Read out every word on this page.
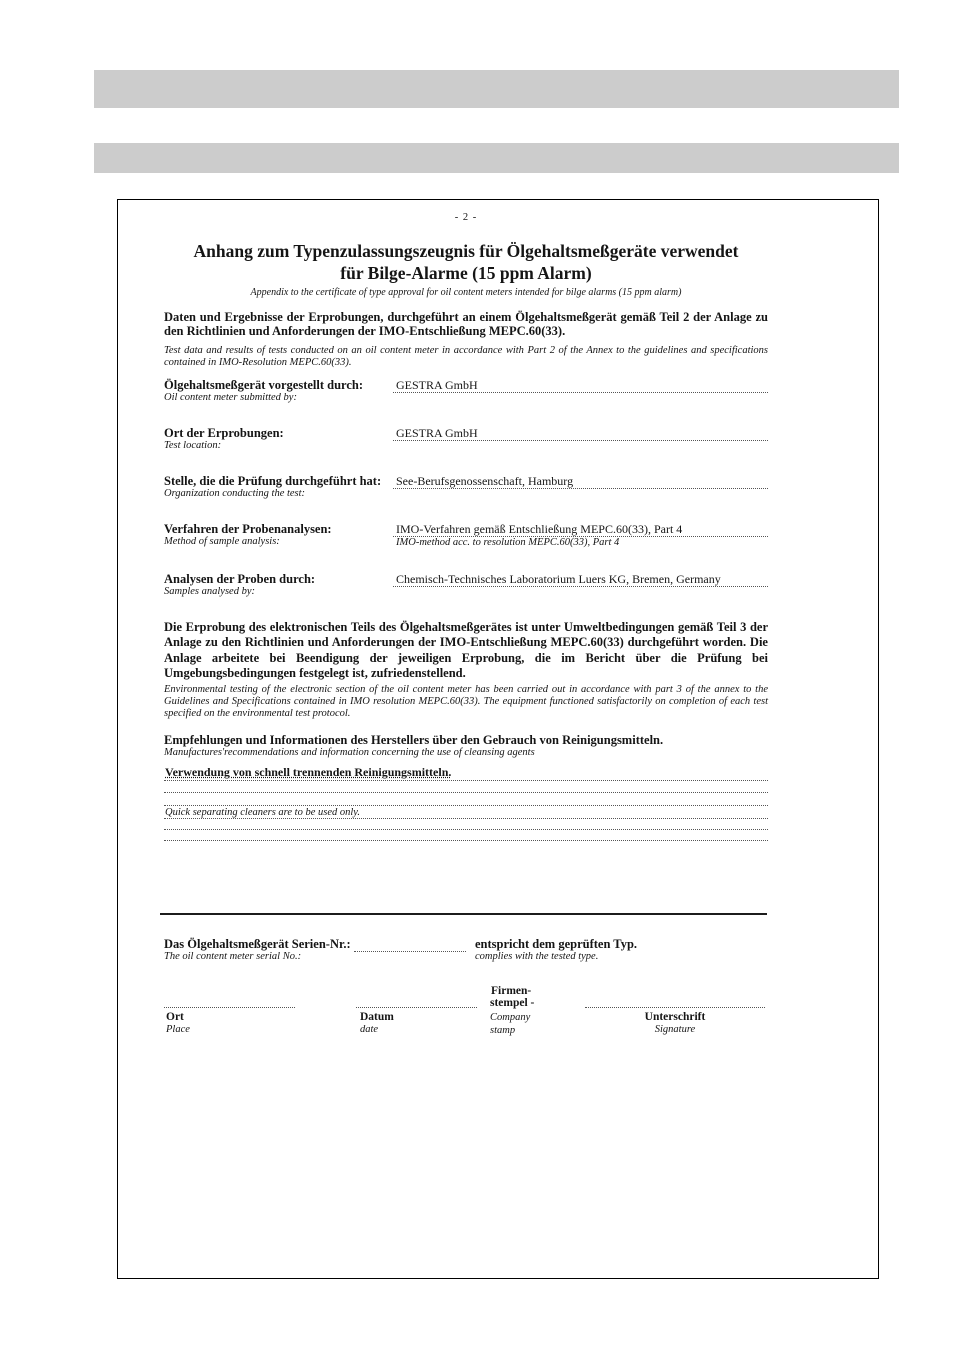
- 2 -
Anhang zum Typenzulassungszeugnis für Ölgehaltsmeßgeräte verwendet
für Bilge-Alarme (15 ppm Alarm)
Appendix to the certificate of type approval for oil content meters intended for bilge alarms (15 ppm alarm)
Daten und Ergebnisse der Erprobungen, durchgeführt an einem Ölgehaltsmeßgerät gemäß Teil 2 der Anlage zu den Richtlinien und Anforderungen der IMO-Entschließung MEPC.60(33).
Test data and results of tests conducted on an oil content meter in accordance with Part 2 of the Annex to the guidelines and specifications contained in IMO-Resolution MEPC.60(33).
Ölgehaltsmeßgerät vorgestellt durch:
Oil content meter submitted by:
GESTRA GmbH
Ort der Erprobungen:
Test location:
GESTRA GmbH
Stelle, die die Prüfung durchgeführt hat:
Organization conducting the test:
See-Berufsgenossenschaft, Hamburg
Verfahren der Probenanalysen:
Method of sample analysis:
IMO-Verfahren gemäß Entschließung MEPC.60(33), Part 4
IMO-method acc. to resolution MEPC.60(33), Part 4
Analysen der Proben durch:
Samples analysed by:
Chemisch-Technisches Laboratorium Luers KG, Bremen, Germany
Die Erprobung des elektronischen Teils des Ölgehaltsmeßgerätes ist unter Umweltbedingungen gemäß Teil 3 der Anlage zu den Richtlinien und Anforderungen der IMO-Entschließung MEPC.60(33) durchgeführt worden. Die Anlage arbeitete bei Beendigung der jeweiligen Erprobung, die im Bericht über die Prüfung bei Umgebungsbedingungen festgelegt ist, zufriedenstellend.
Environmental testing of the electronic section of the oil content meter has been carried out in accordance with part 3 of the annex to the Guidelines and Specifications contained in IMO resolution MEPC.60(33). The equipment functioned satisfactorily on completion of each test specified on the environmental test protocol.
Empfehlungen und Informationen des Herstellers über den Gebrauch von Reinigungsmitteln.
Manufactures'recommendations and information concerning the use of cleansing agents
Verwendung von schnell trennenden Reinigungsmitteln.
Quick separating cleaners are to be used only.
Das Ölgehaltsmeßgerät Serien-Nr.:
The oil content meter serial No.:
entspricht dem geprüften Typ.
complies with the tested type.
Firmen-
stempel -
Ort
Place
Datum
date
Company
stamp
Unterschrift
Signature
